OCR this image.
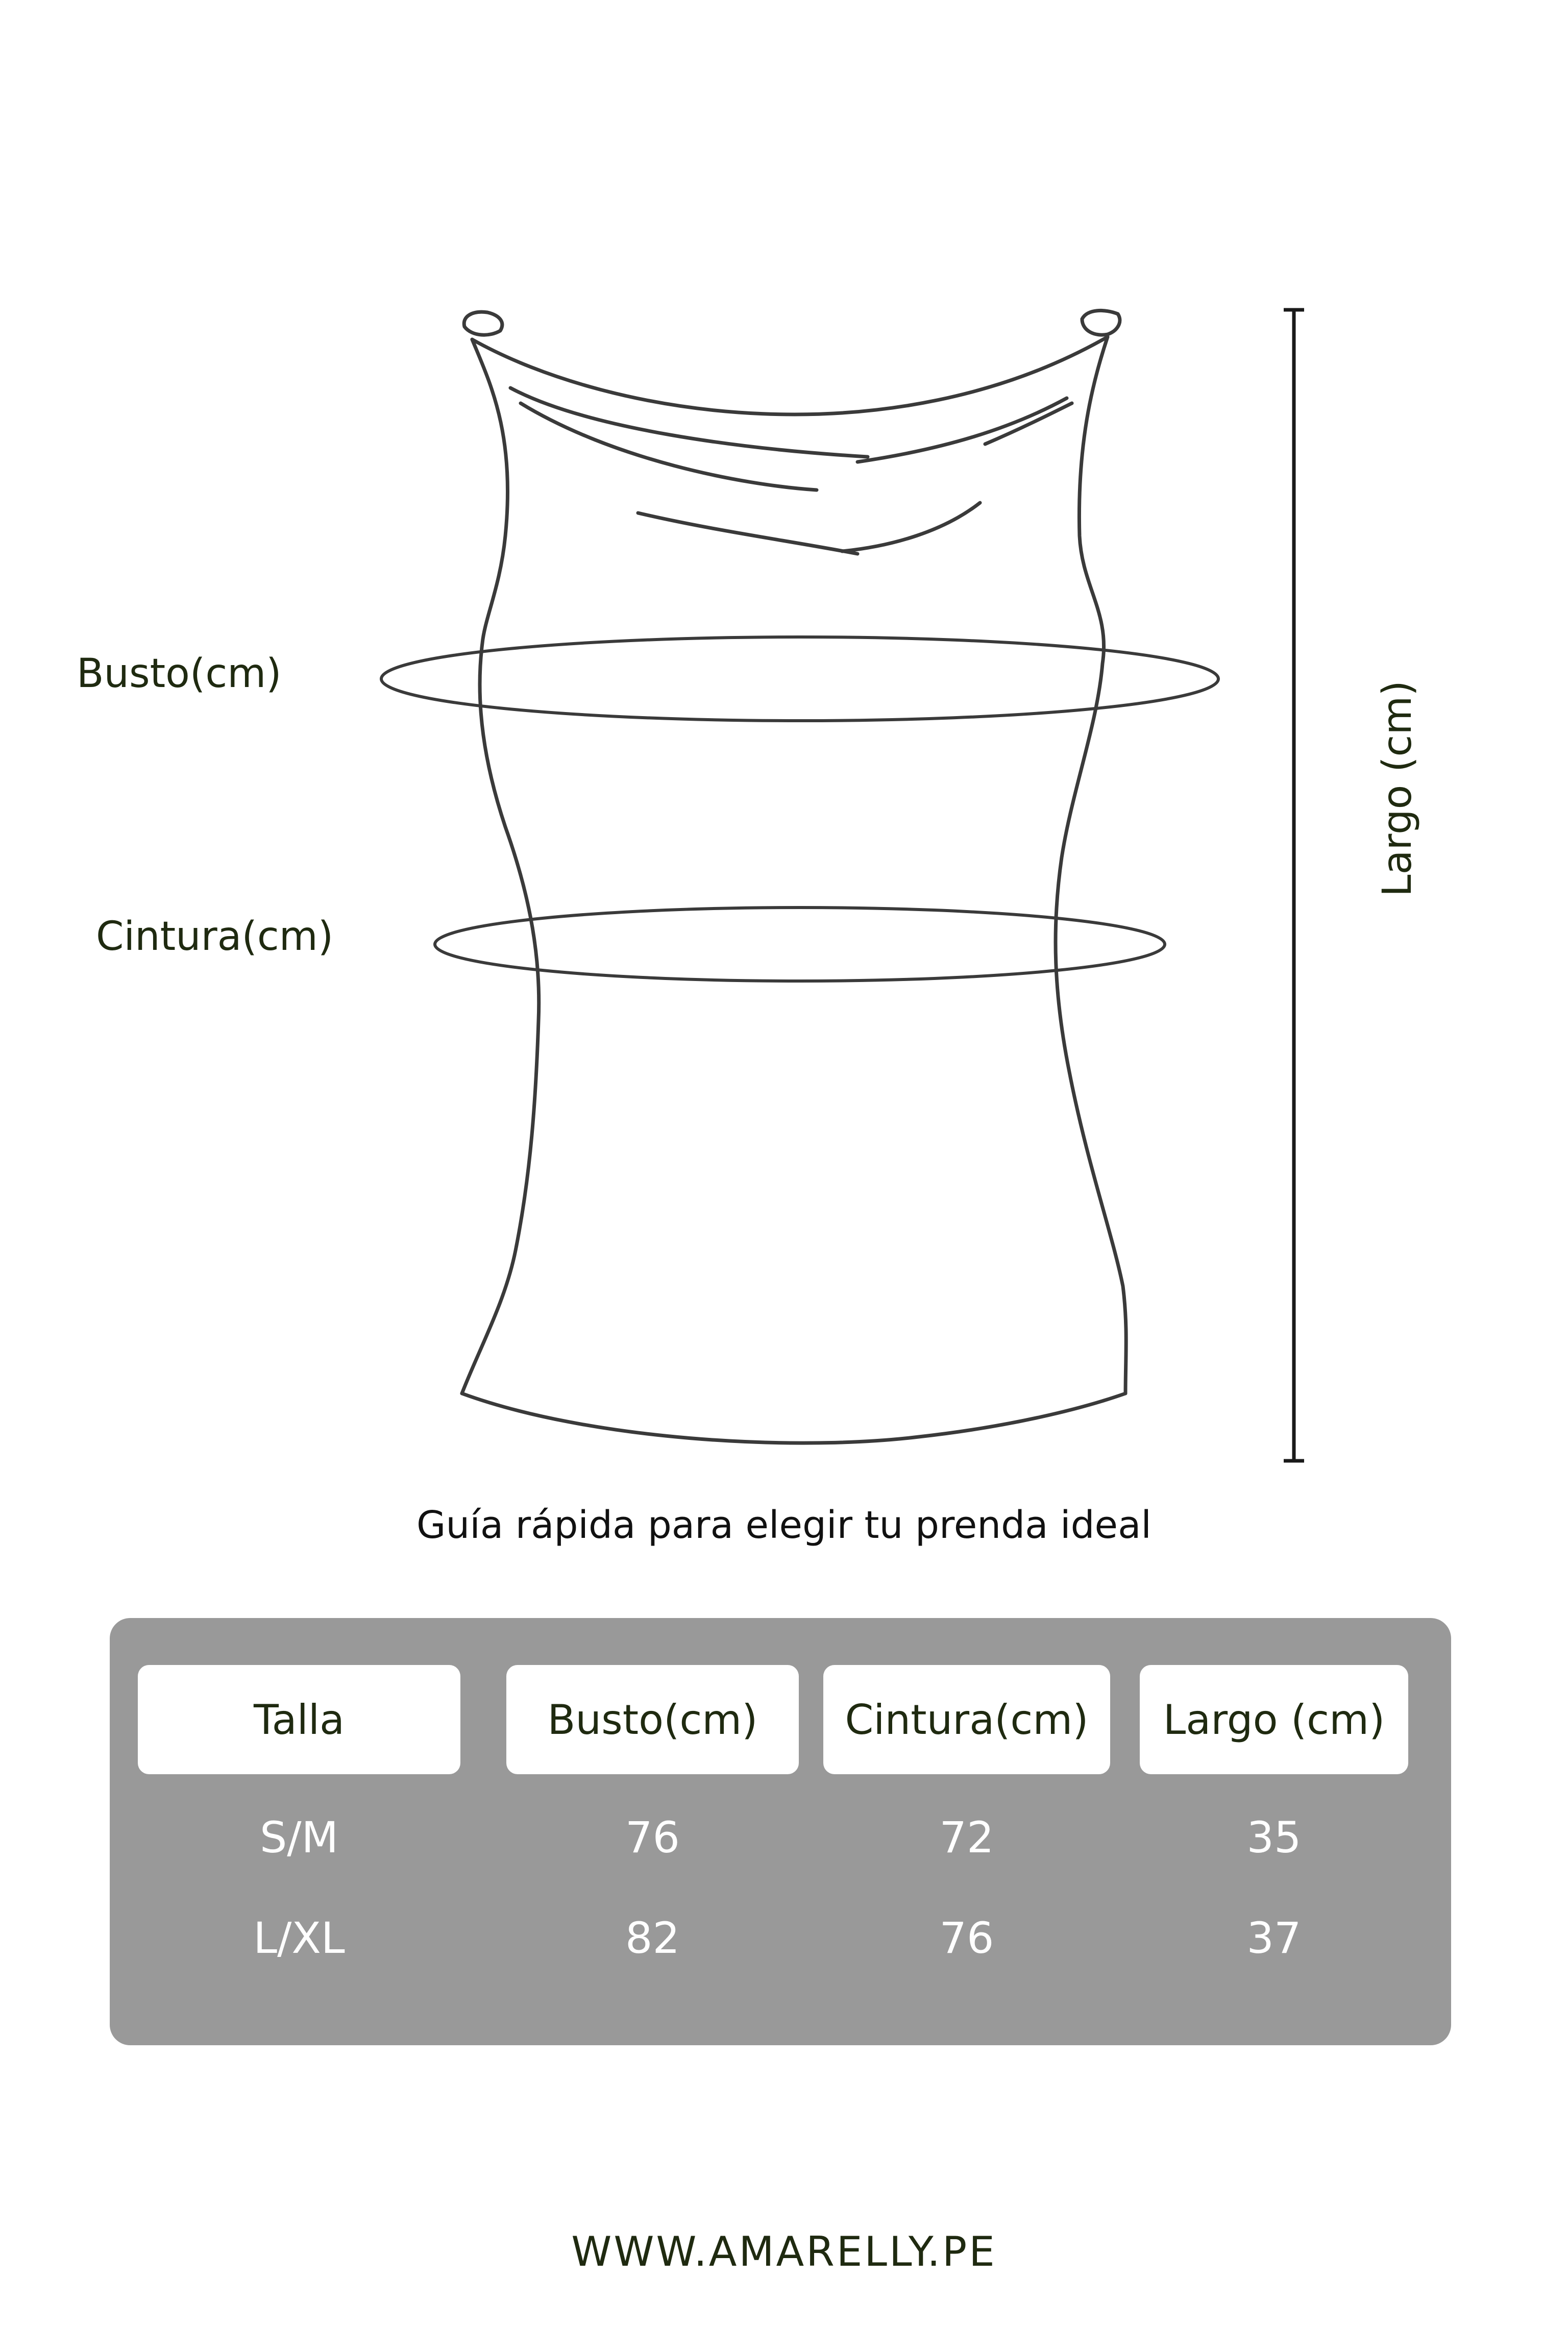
Busto(cm)
Cintura(cm)
Largo (cm)
Guía rápida para elegir tu prenda ideal
Talla	Busto(cm)	Cintura(cm)	Largo (cm)
S/M	76	72	35
L/XL	82	76	37
WWW.AMARELLY.PE
